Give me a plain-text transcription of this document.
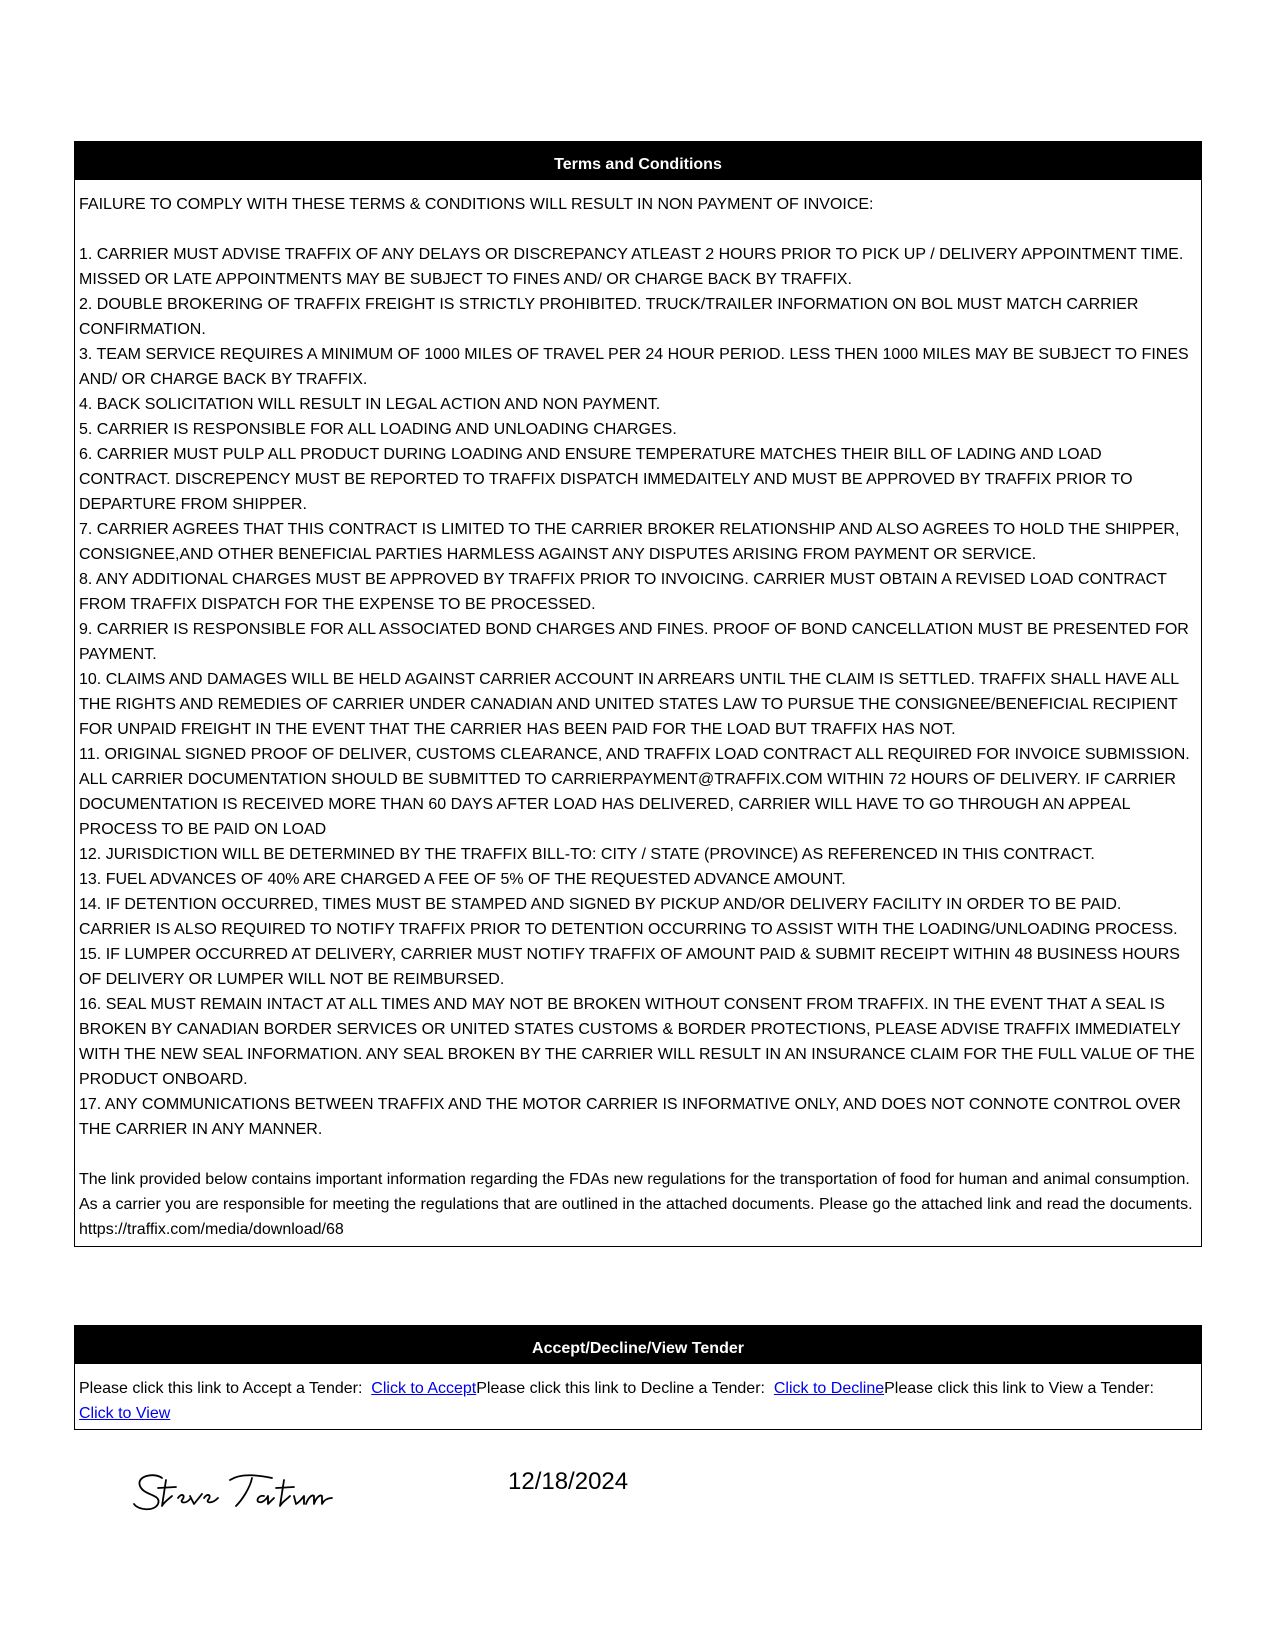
Terms and Conditions

FAILURE TO COMPLY WITH THESE TERMS & CONDITIONS WILL RESULT IN NON PAYMENT OF INVOICE:

1. CARRIER MUST ADVISE TRAFFIX OF ANY DELAYS OR DISCREPANCY ATLEAST 2 HOURS PRIOR TO PICK UP / DELIVERY APPOINTMENT TIME. MISSED OR LATE APPOINTMENTS MAY BE SUBJECT TO FINES AND/ OR CHARGE BACK BY TRAFFIX.

2. DOUBLE BROKERING OF TRAFFIX FREIGHT IS STRICTLY PROHIBITED. TRUCK/TRAILER INFORMATION ON BOL MUST MATCH CARRIER CONFIRMATION.

3. TEAM SERVICE REQUIRES A MINIMUM OF 1000 MILES OF TRAVEL PER 24 HOUR PERIOD. LESS THEN 1000 MILES MAY BE SUBJECT TO FINES AND/ OR CHARGE BACK BY TRAFFIX.

4. BACK SOLICITATION WILL RESULT IN LEGAL ACTION AND NON PAYMENT.

5. CARRIER IS RESPONSIBLE FOR ALL LOADING AND UNLOADING CHARGES.

6. CARRIER MUST PULP ALL PRODUCT DURING LOADING AND ENSURE TEMPERATURE MATCHES THEIR BILL OF LADING AND LOAD CONTRACT. DISCREPENCY MUST BE REPORTED TO TRAFFIX DISPATCH IMMEDAITELY AND MUST BE APPROVED BY TRAFFIX PRIOR TO DEPARTURE FROM SHIPPER.

7. CARRIER AGREES THAT THIS CONTRACT IS LIMITED TO THE CARRIER BROKER RELATIONSHIP AND ALSO AGREES TO HOLD THE SHIPPER, CONSIGNEE,AND OTHER BENEFICIAL PARTIES HARMLESS AGAINST ANY DISPUTES ARISING FROM PAYMENT OR SERVICE.

8. ANY ADDITIONAL CHARGES MUST BE APPROVED BY TRAFFIX PRIOR TO INVOICING. CARRIER MUST OBTAIN A REVISED LOAD CONTRACT FROM TRAFFIX DISPATCH FOR THE EXPENSE TO BE PROCESSED.

9. CARRIER IS RESPONSIBLE FOR ALL ASSOCIATED BOND CHARGES AND FINES. PROOF OF BOND CANCELLATION MUST BE PRESENTED FOR PAYMENT.

10. CLAIMS AND DAMAGES WILL BE HELD AGAINST CARRIER ACCOUNT IN ARREARS UNTIL THE CLAIM IS SETTLED. TRAFFIX SHALL HAVE ALL THE RIGHTS AND REMEDIES OF CARRIER UNDER CANADIAN AND UNITED STATES LAW TO PURSUE THE CONSIGNEE/BENEFICIAL RECIPIENT FOR UNPAID FREIGHT IN THE EVENT THAT THE CARRIER HAS BEEN PAID FOR THE LOAD BUT TRAFFIX HAS NOT.

11. ORIGINAL SIGNED PROOF OF DELIVER, CUSTOMS CLEARANCE, AND TRAFFIX LOAD CONTRACT ALL REQUIRED FOR INVOICE SUBMISSION. ALL CARRIER DOCUMENTATION SHOULD BE SUBMITTED TO CARRIERPAYMENT@TRAFFIX.COM WITHIN 72 HOURS OF DELIVERY. IF CARRIER DOCUMENTATION IS RECEIVED MORE THAN 60 DAYS AFTER LOAD HAS DELIVERED, CARRIER WILL HAVE TO GO THROUGH AN APPEAL PROCESS TO BE PAID ON LOAD

12. JURISDICTION WILL BE DETERMINED BY THE TRAFFIX BILL-TO: CITY / STATE (PROVINCE) AS REFERENCED IN THIS CONTRACT.

13. FUEL ADVANCES OF 40% ARE CHARGED A FEE OF 5% OF THE REQUESTED ADVANCE AMOUNT.

14. IF DETENTION OCCURRED, TIMES MUST BE STAMPED AND SIGNED BY PICKUP AND/OR DELIVERY FACILITY IN ORDER TO BE PAID. CARRIER IS ALSO REQUIRED TO NOTIFY TRAFFIX PRIOR TO DETENTION OCCURRING TO ASSIST WITH THE LOADING/UNLOADING PROCESS.

15. IF LUMPER OCCURRED AT DELIVERY, CARRIER MUST NOTIFY TRAFFIX OF AMOUNT PAID & SUBMIT RECEIPT WITHIN 48 BUSINESS HOURS OF DELIVERY OR LUMPER WILL NOT BE REIMBURSED.

16. SEAL MUST REMAIN INTACT AT ALL TIMES AND MAY NOT BE BROKEN WITHOUT CONSENT FROM TRAFFIX. IN THE EVENT THAT A SEAL IS BROKEN BY CANADIAN BORDER SERVICES OR UNITED STATES CUSTOMS & BORDER PROTECTIONS, PLEASE ADVISE TRAFFIX IMMEDIATELY WITH THE NEW SEAL INFORMATION. ANY SEAL BROKEN BY THE CARRIER WILL RESULT IN AN INSURANCE CLAIM FOR THE FULL VALUE OF THE PRODUCT ONBOARD.

17. ANY COMMUNICATIONS BETWEEN TRAFFIX AND THE MOTOR CARRIER IS INFORMATIVE ONLY, AND DOES NOT CONNOTE CONTROL OVER THE CARRIER IN ANY MANNER.

The link provided below contains important information regarding the FDAs new regulations for the transportation of food for human and animal consumption. As a carrier you are responsible for meeting the regulations that are outlined in the attached documents. Please go the attached link and read the documents. https://traffix.com/media/download/68

Accept/Decline/View Tender
Please click this link to Accept a Tender:  Click to AcceptPlease click this link to Decline a Tender:  Click to DeclinePlease click this link to View a Tender:  Click to View
12/18/2024
